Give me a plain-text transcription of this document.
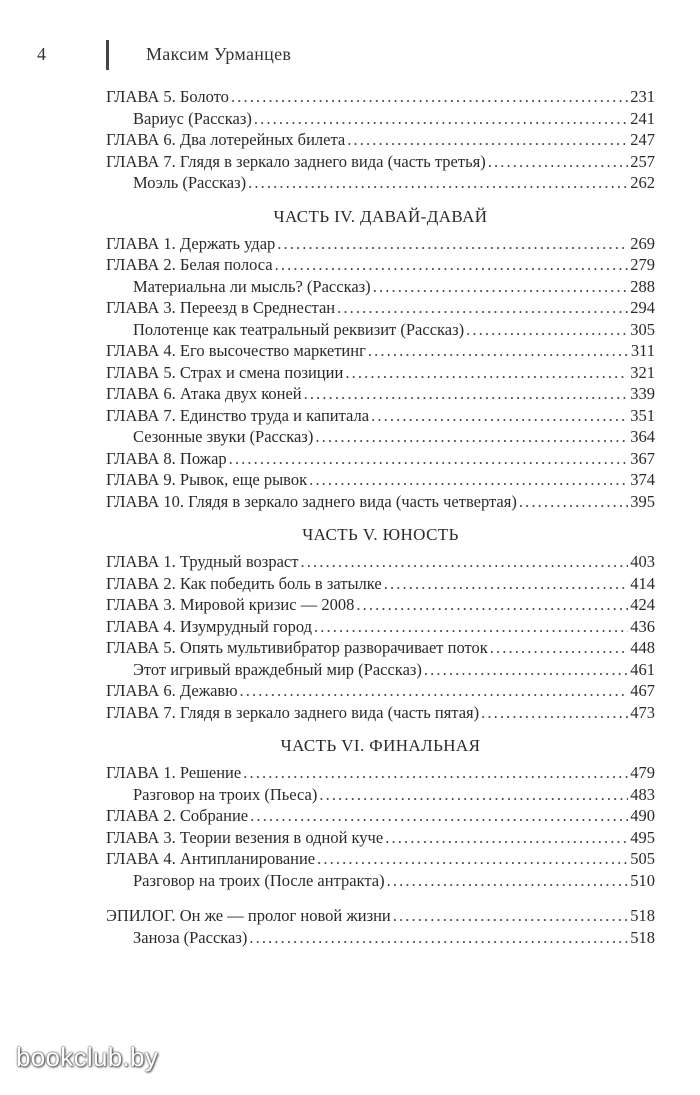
4	Максим Урманцев
ГЛАВА 5. Болото . . .	231
Вариус (Рассказ) . . .	241
ГЛАВА 6. Два лотерейных билета . . .	247
ГЛАВА 7. Глядя в зеркало заднего вида (часть третья) . . .	257
Моэль (Рассказ) . . .	262
ЧАСТЬ IV. ДАВАЙ-ДАВАЙ
ГЛАВА 1. Держать удар . . .	269
ГЛАВА 2. Белая полоса . . .	279
Материальна ли мысль? (Рассказ) . . .	288
ГЛАВА 3. Переезд в Среднестан . . .	294
Полотенце как театральный реквизит (Рассказ) . . .	305
ГЛАВА 4. Его высочество маркетинг . . .	311
ГЛАВА 5. Страх и смена позиции . . .	321
ГЛАВА 6. Атака двух коней . . .	339
ГЛАВА 7. Единство труда и капитала . . .	351
Сезонные звуки (Рассказ) . . .	364
ГЛАВА 8. Пожар . . .	367
ГЛАВА 9. Рывок, еще рывок . . .	374
ГЛАВА 10. Глядя в зеркало заднего вида (часть четвертая) . . .	395
ЧАСТЬ V. ЮНОСТЬ
ГЛАВА 1. Трудный возраст . . .	403
ГЛАВА 2. Как победить боль в затылке . . .	414
ГЛАВА 3. Мировой кризис — 2008 . . .	424
ГЛАВА 4. Изумрудный город . . .	436
ГЛАВА 5. Опять мультивибратор разворачивает поток . . .	448
Этот игривый враждебный мир (Рассказ) . . .	461
ГЛАВА 6. Дежавю . . .	467
ГЛАВА 7. Глядя в зеркало заднего вида (часть пятая) . . .	473
ЧАСТЬ VI. ФИНАЛЬНАЯ
ГЛАВА 1. Решение . . .	479
Разговор на троих (Пьеса) . . .	483
ГЛАВА 2. Собрание . . .	490
ГЛАВА 3. Теории везения в одной куче . . .	495
ГЛАВА 4. Антипланирование . . .	505
Разговор на троих (После антракта) . . .	510
ЭПИЛОГ. Он же — пролог новой жизни . . .	518
Заноза (Рассказ) . . .	518
bookclub.by
